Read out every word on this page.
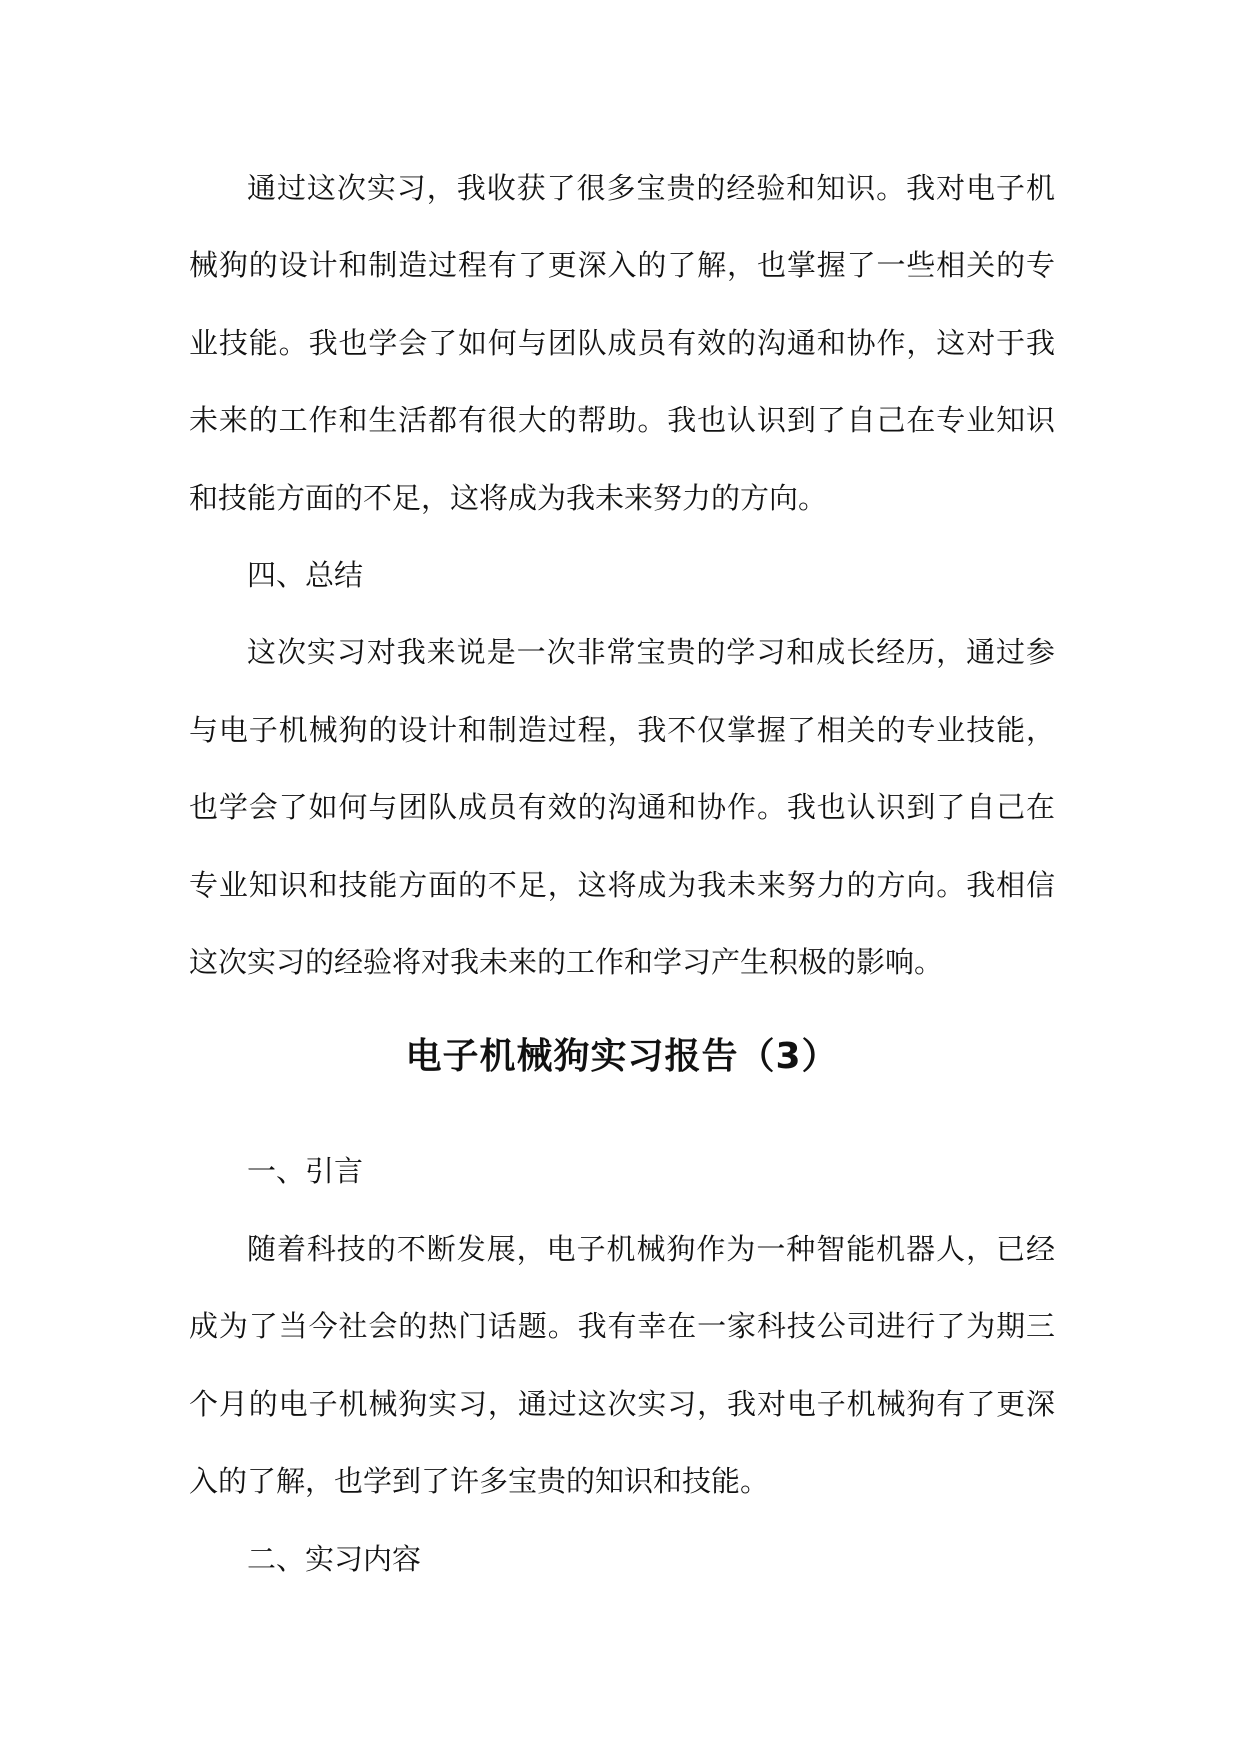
通过这次实习，我收获了很多宝贵的经验和知识。我对电子机械狗的设计和制造过程有了更深入的了解，也掌握了一些相关的专业技能。我也学会了如何与团队成员有效的沟通和协作，这对于我未来的工作和生活都有很大的帮助。我也认识到了自己在专业知识和技能方面的不足，这将成为我未来努力的方向。

四、总结

这次实习对我来说是一次非常宝贵的学习和成长经历，通过参与电子机械狗的设计和制造过程，我不仅掌握了相关的专业技能，也学会了如何与团队成员有效的沟通和协作。我也认识到了自己在专业知识和技能方面的不足，这将成为我未来努力的方向。我相信这次实习的经验将对我未来的工作和学习产生积极的影响。

电子机械狗实习报告（3）

一、引言

随着科技的不断发展，电子机械狗作为一种智能机器人，已经成为了当今社会的热门话题。我有幸在一家科技公司进行了为期三个月的电子机械狗实习，通过这次实习，我对电子机械狗有了更深入的了解，也学到了许多宝贵的知识和技能。

二、实习内容
